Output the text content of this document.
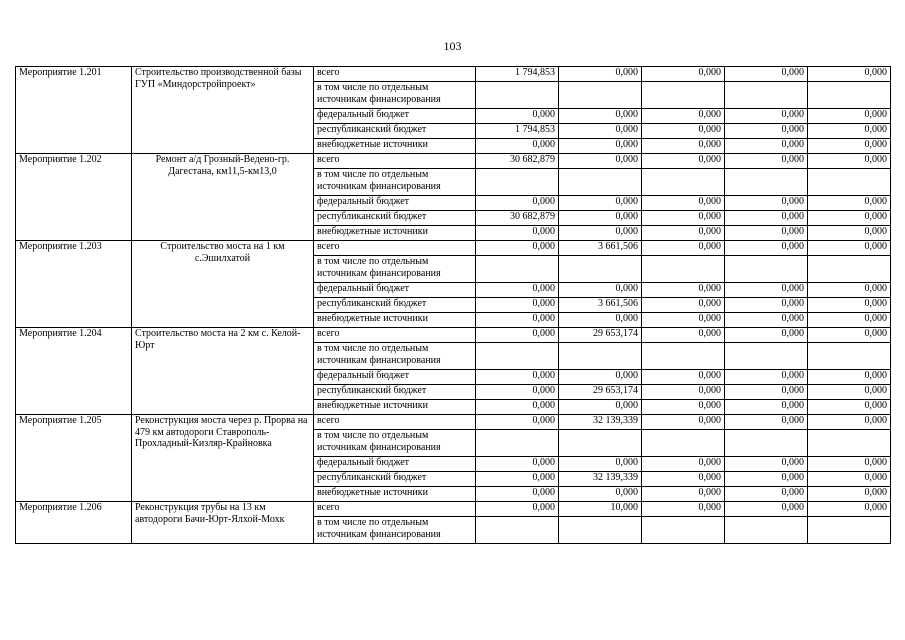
103
Мероприятие 1.201	Строительство производственной базы ГУП «Миндорстройпроект»	всего	1 794,853	0,000	0,000	0,000	0,000
		в том числе по отдельным источникам финансирования					
		федеральный бюджет	0,000	0,000	0,000	0,000	0,000
		республиканский бюджет	1 794,853	0,000	0,000	0,000	0,000
		внебюджетные источники	0,000	0,000	0,000	0,000	0,000
Мероприятие 1.202	Ремонт а/д Грозный-Ведено-гр. Дагестана, км11,5-км13,0	всего	30 682,879	0,000	0,000	0,000	0,000
		в том числе по отдельным источникам финансирования					
		федеральный бюджет	0,000	0,000	0,000	0,000	0,000
		республиканский бюджет	30 682,879	0,000	0,000	0,000	0,000
		внебюджетные источники	0,000	0,000	0,000	0,000	0,000
Мероприятие 1.203	Строительство моста на 1 км с.Эшилхатой	всего	0,000	3 661,506	0,000	0,000	0,000
		в том числе по отдельным источникам финансирования					
		федеральный бюджет	0,000	0,000	0,000	0,000	0,000
		республиканский бюджет	0,000	3 661,506	0,000	0,000	0,000
		внебюджетные источники	0,000	0,000	0,000	0,000	0,000
Мероприятие 1.204	Строительство моста на 2 км с. Келой-Юрт	всего	0,000	29 653,174	0,000	0,000	0,000
		в том числе по отдельным источникам финансирования					
		федеральный бюджет	0,000	0,000	0,000	0,000	0,000
		республиканский бюджет	0,000	29 653,174	0,000	0,000	0,000
		внебюджетные источники	0,000	0,000	0,000	0,000	0,000
Мероприятие 1.205	Реконструкция моста через р. Прорва на 479 км автодороги Ставрополь-Прохладный-Кизляр-Крайновка	всего	0,000	32 139,339	0,000	0,000	0,000
		в том числе по отдельным источникам финансирования					
		федеральный бюджет	0,000	0,000	0,000	0,000	0,000
		республиканский бюджет	0,000	32 139,339	0,000	0,000	0,000
		внебюджетные источники	0,000	0,000	0,000	0,000	0,000
Мероприятие 1.206	Реконструкция трубы на 13 км автодороги Бачи-Юрт-Ялхой-Мохк	всего	0,000	10,000	0,000	0,000	0,000
		в том числе по отдельным источникам финансирования					
